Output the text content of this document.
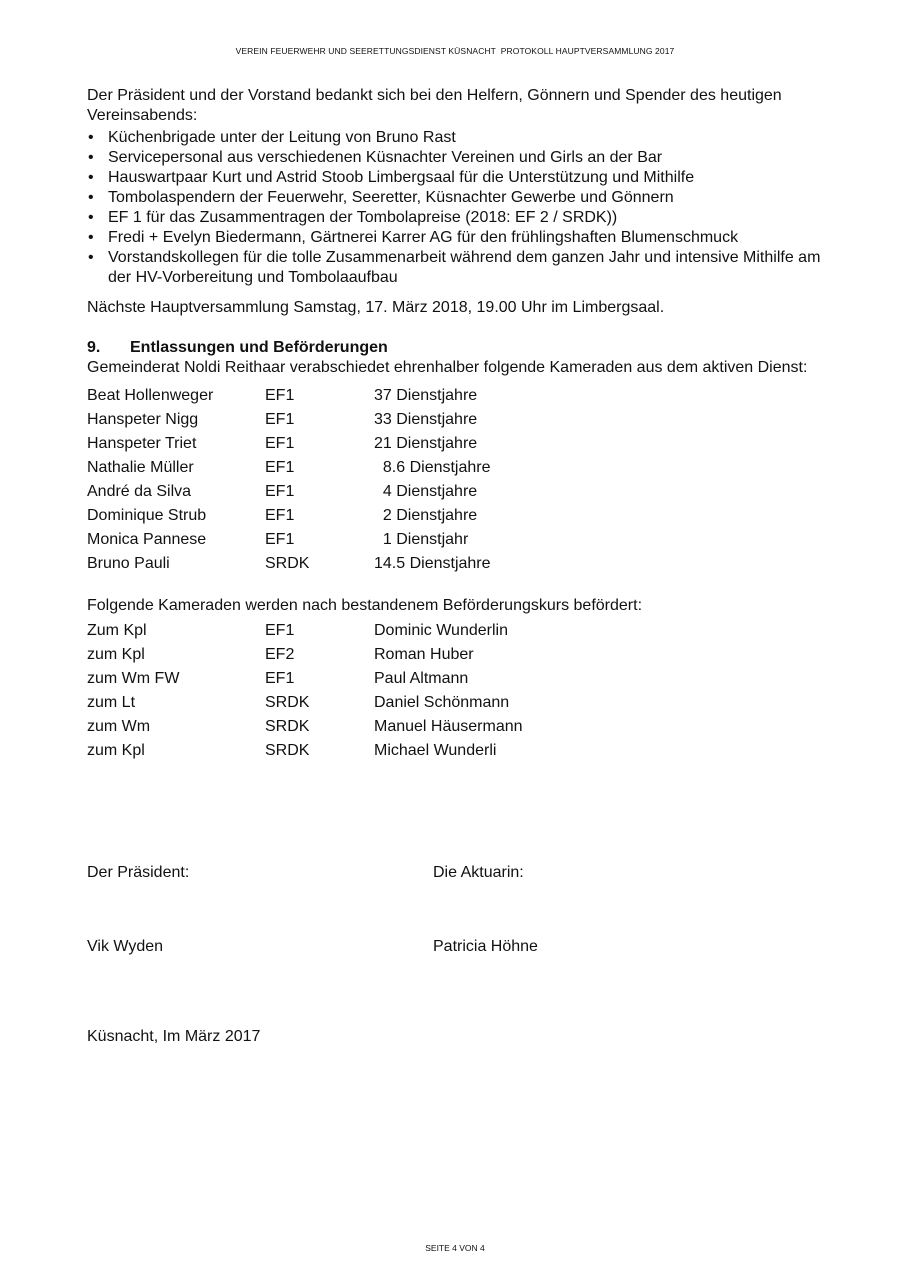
VEREIN FEUERWEHR UND SEERETTUNGSDIENST KÜSNACHT  PROTOKOLL HAUPTVERSAMMLUNG 2017

Der Präsident und der Vorstand bedankt sich bei den Helfern, Gönnern und Spender des heutigen Vereinsabends:

• Küchenbrigade unter der Leitung von Bruno Rast
• Servicepersonal aus verschiedenen Küsnachter Vereinen und Girls an der Bar
• Hauswartpaar Kurt und Astrid Stoob Limbergsaal für die Unterstützung und Mithilfe
• Tombolaspendern der Feuerwehr, Seeretter, Küsnachter Gewerbe und Gönnern
• EF 1 für das Zusammentragen der Tombolapreise (2018: EF 2 / SRDK))
• Fredi + Evelyn Biedermann, Gärtnerei Karrer AG für den frühlingshaften Blumenschmuck
• Vorstandskollegen für die tolle Zusammenarbeit während dem ganzen Jahr und intensive Mithilfe am der HV-Vorbereitung und Tombolaaufbau

Nächste Hauptversammlung Samstag, 17. März 2018, 19.00 Uhr im Limbergsaal.

9.	Entlassungen und Beförderungen

Gemeinderat Noldi Reithaar verabschiedet ehrenhalber folgende Kameraden aus dem aktiven Dienst:

Beat Hollenweger	EF1	37 Dienstjahre
Hanspeter Nigg	EF1	33 Dienstjahre
Hanspeter Triet	EF1	21 Dienstjahre
Nathalie Müller	EF1	8.6 Dienstjahre
André da Silva	EF1	4 Dienstjahre
Dominique Strub	EF1	2 Dienstjahre
Monica Pannese	EF1	1 Dienstjahr
Bruno Pauli	SRDK	14.5 Dienstjahre

Folgende Kameraden werden nach bestandenem Beförderungskurs befördert:

Zum Kpl	EF1	Dominic Wunderlin
zum Kpl	EF2	Roman Huber
zum Wm FW	EF1	Paul Altmann
zum Lt	SRDK	Daniel Schönmann
zum Wm	SRDK	Manuel Häusermann
zum Kpl	SRDK	Michael Wunderli
Der Präsident:	Die Aktuarin:
Vik Wyden	Patricia Höhne
Küsnacht, Im März 2017
SEITE 4 VON 4
